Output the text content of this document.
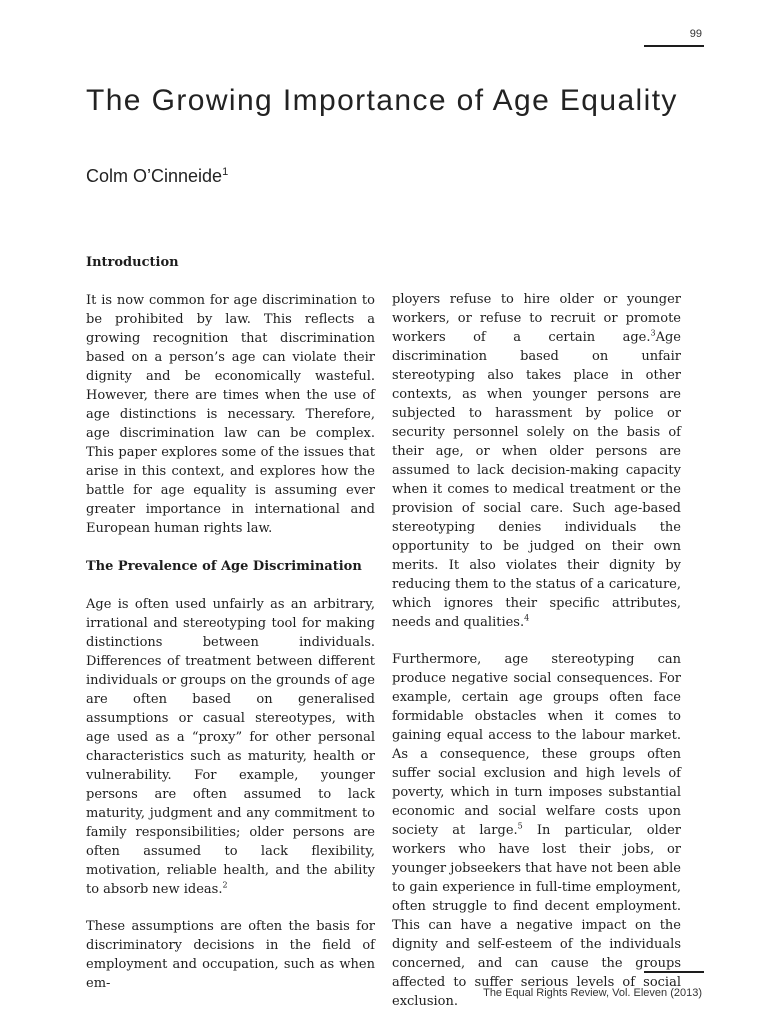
99
The Growing Importance of Age Equality
Colm O’Cinneide$^1$
Introduction

It is now common for age discrimination to be prohibited by law. This reflects a growing recognition that discrimination based on a person’s age can violate their dignity and be economically wasteful. However, there are times when the use of age distinctions is necessary. Therefore, age discrimination law can be complex. This paper explores some of the issues that arise in this context, and explores how the battle for age equality is assuming ever greater importance in international and European human rights law.

The Prevalence of Age Discrimination

Age is often used unfairly as an arbitrary, irrational and stereotyping tool for making distinctions between individuals. Differences of treatment between different individuals or groups on the grounds of age are often based on generalised assumptions or casual stereotypes, with age used as a “proxy” for other personal characteristics such as maturity, health or vulnerability. For example, younger persons are often assumed to lack maturity, judgment and any commitment to family responsibilities; older persons are often assumed to lack flexibility, motivation, reliable health, and the ability to absorb new ideas.$^2$

These assumptions are often the basis for discriminatory decisions in the field of employment and occupation, such as when em-

ployers refuse to hire older or younger workers, or refuse to recruit or promote workers of a certain age.$^3$Age discrimination based on unfair stereotyping also takes place in other contexts, as when younger persons are subjected to harassment by police or security personnel solely on the basis of their age, or when older persons are assumed to lack decision-making capacity when it comes to medical treatment or the provision of social care. Such age-based stereotyping denies individuals the opportunity to be judged on their own merits. It also violates their dignity by reducing them to the status of a caricature, which ignores their specific attributes, needs and qualities.$^4$

Furthermore, age stereotyping can produce negative social consequences. For example, certain age groups often face formidable obstacles when it comes to gaining equal access to the labour market. As a consequence, these groups often suffer social exclusion and high levels of poverty, which in turn imposes substantial economic and social welfare costs upon society at large.$^5$ In particular, older workers who have lost their jobs, or younger jobseekers that have not been able to gain experience in full-time employment, often struggle to find decent employment. This can have a negative impact on the dignity and self-esteem of the individuals concerned, and can cause the groups affected to suffer serious levels of social exclusion.

The Equal Rights Review, Vol. Eleven (2013)
